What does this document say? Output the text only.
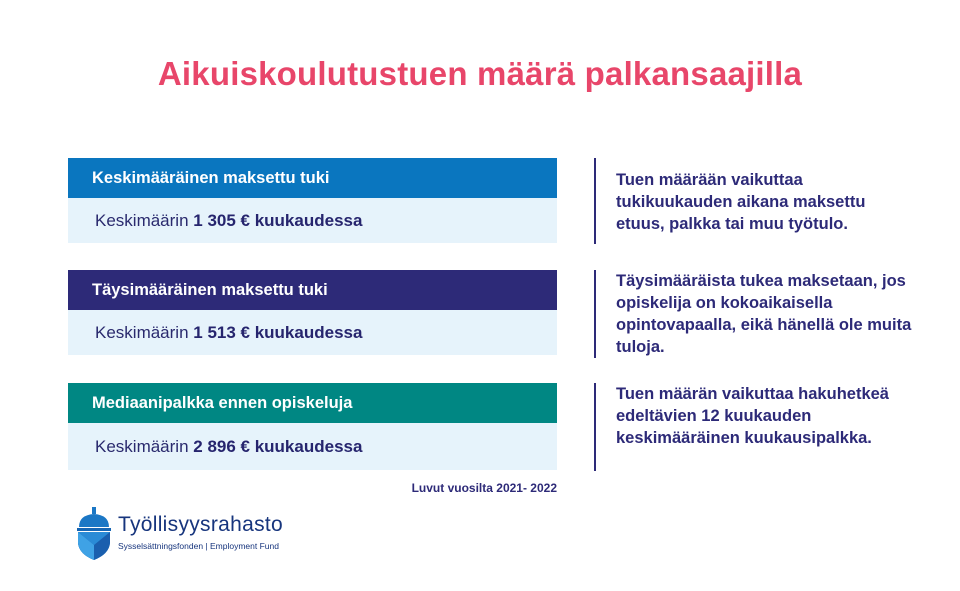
Aikuiskoulutustuen määrä palkansaajilla
Keskimääräinen maksettu tuki
Keskimäärin 1 305 € kuukaudessa
Tuen määrään vaikuttaa tukikuukauden aikana maksettu etuus, palkka tai muu työtulo.
Täysimääräinen maksettu tuki
Keskimäärin 1 513 € kuukaudessa
Täysimääräista tukea maksetaan, jos opiskelija on kokoaikaisella opintovapaalla, eikä hänellä ole muita tuloja.
Mediaanipalkka ennen opiskeluja
Keskimäärin 2 896 € kuukaudessa
Tuen määrän vaikuttaa hakuhetkeä edeltävien 12 kuukauden keskimääräinen kuukausipalkka.
Luvut vuosilta 2021- 2022
Työllisyysrahasto
Sysselsättningsfonden | Employment Fund
